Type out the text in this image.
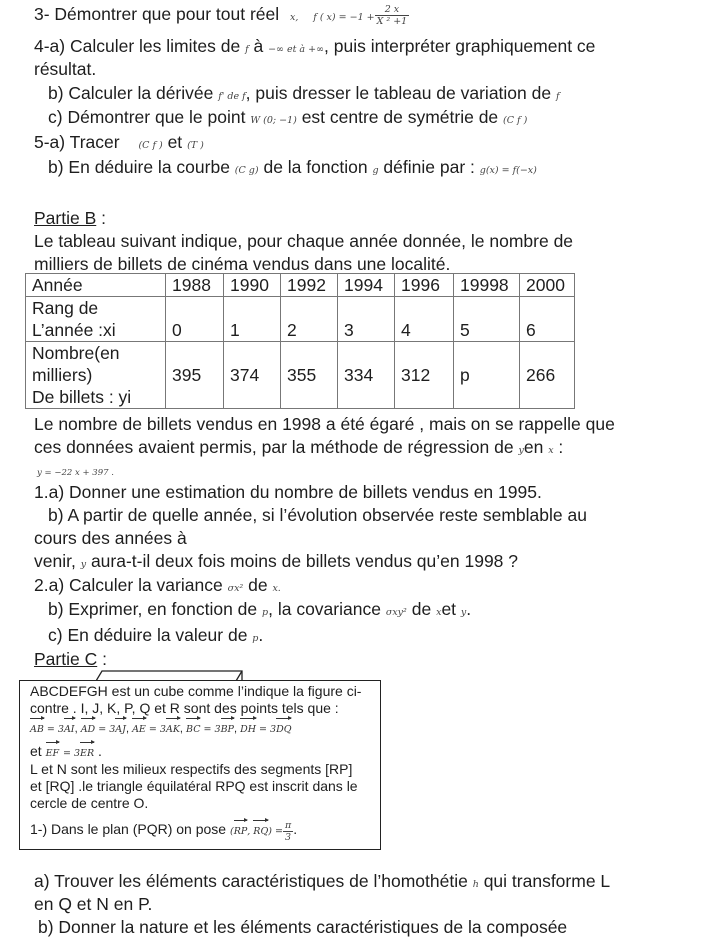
3- Démontrer que pour tout réel x, f ( $x) = -1 + \frac{2 x}{\text{X ² +1}}$
4-a) Calculer les limites de f à −∞ et à +∞, puis interpréter graphiquement ce
résultat.
b) Calculer la dérivée f' de f, puis dresser le tableau de variation de f
c) Démontrer que le point W (0; −1) est centre de symétrie de (C f )
5-a) Tracer (C f ) et (T )
b) En déduire la courbe (C g) de la fonction g définie par : g(x) = f(−x)
Partie B :
Le tableau suivant indique, pour chaque année donnée, le nombre de
milliers de billets de cinéma vendus dans une localité.
Année	1988	1990	1992	1994	1996	19998	2000

Rang de
L’année :xi	0	1	2	3	4	5	6

Nombre(en
milliers)
De billets : yi	395	374	355	334	312	p	266
Le nombre de billets vendus en 1998 a été égaré , mais on se rappelle que
ces données avaient permis, par la méthode de régression de yen x :
y = −22 x + 397 .
1.a) Donner une estimation du nombre de billets vendus en 1995.
b) A partir de quelle année, si l’évolution observée reste semblable au
cours des années à
venir, y aura-t-il deux fois moins de billets vendus qu’en 1998 ?
2.a) Calculer la variance σx² de x.
b) Exprimer, en fonction de p, la covariance σxy² de xet y.
c) En déduire la valeur de p.
Partie C :
ABCDEFGH est un cube comme l’indique la figure ci-
contre . I, J, K, P, Q et R sont des points tels que :
AB = 3AI, AD = 3AJ, AE = 3AK, BC = 3BP, DH = 3DQ
et EF = 3ER .
L et N sont les milieux respectifs des segments [RP]
et [RQ] .le triangle équilatéral RPQ est inscrit dans le
cercle de centre O.
1-) Dans le plan (PQR) on pose (RP, $RQ) = \frac{\pi}{3}$ .
a) Trouver les éléments caractéristiques de l’homothétie h qui transforme L
en Q et N en P.
b) Donner la nature et les éléments caractéristiques de la composée
